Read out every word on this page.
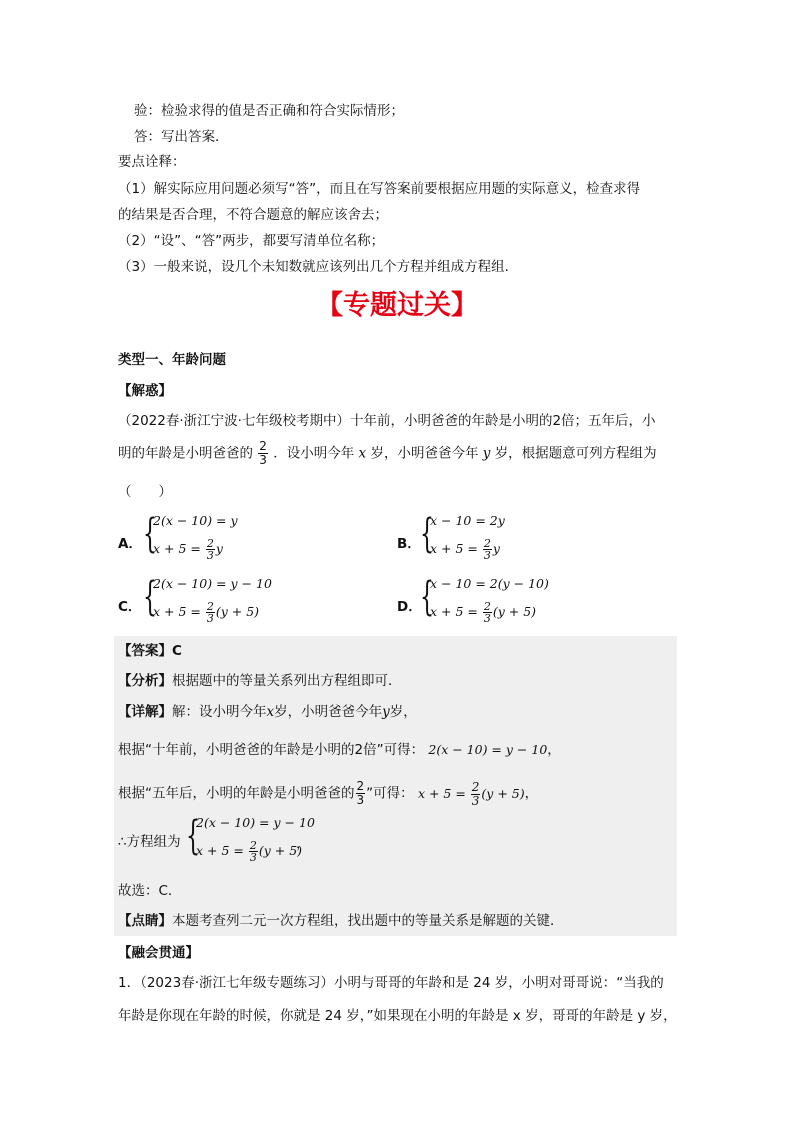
验：检验求得的值是否正确和符合实际情形；
答：写出答案．
要点诠释：
（1）解实际应用问题必须写“答”，而且在写答案前要根据应用题的实际意义，检查求得
的结果是否合理，不符合题意的解应该舍去；
（2）“设”、“答”两步，都要写清单位名称；
（3）一般来说，设几个未知数就应该列出几个方程并组成方程组.
【专题过关】
类型一、年龄问题
【解惑】
（2022春·浙江宁波·七年级校考期中）十年前，小明爸爸的年龄是小明的2倍；五年后，小
明的年龄是小明爸爸的 $\frac{2}{3}$ ．设小明今年 x 岁，小明爸爸今年 y 岁，根据题意可列方程组为
（　　）
A． {
2(x − 10) = y
$x + 5 = \frac{2}{3}$ y	B． {
x − 10 = 2y
$x + 5 = \frac{2}{3}$ y
C． {
2(x − 10) = y − 10
$x + 5 = \frac{2}{3} (y + 5)$	D．
{
x − 10 = 2(y − 10)
$x + 5 = \frac{2}{3} (y + 5)$
【答案】C
【分析】根据题中的等量关系列出方程组即可．
【详解】解：设小明今年x岁，小明爸爸今年y岁，
根据“十年前，小明爸爸的年龄是小明的2倍”可得： 2(x − 10) = y − 10，
根据“五年后，小明的年龄是小明爸爸的 $\frac{2}{3}$ ”可得： $x + 5 = \frac{2}{3} (y + 5)$，
∴方程组为 {
2(x − 10) = y − 10
$x + 5 = \frac{2}{3} (y + 5)$
，
故选：C．
【点睛】本题考查列二元一次方程组，找出题中的等量关系是解题的关键．
【融会贯通】
1．（2023春·浙江七年级专题练习）小明与哥哥的年龄和是 24 岁，小明对哥哥说：“当我的
年龄是你现在年龄的时候，你就是 24 岁，”如果现在小明的年龄是 x 岁，哥哥的年龄是 y 岁，
